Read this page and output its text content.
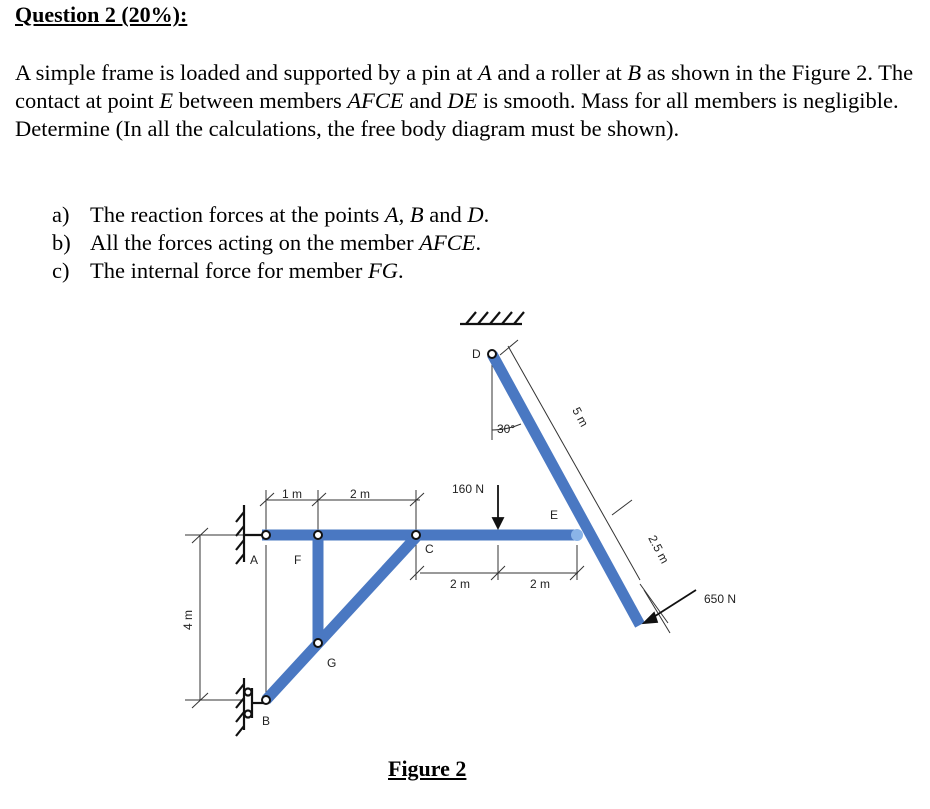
Question 2 (20%):
A simple frame is loaded and supported by a pin at A and a roller at B as shown in the Figure 2. The contact at point E between members AFCE and DE is smooth. Mass for all members is negligible. Determine (In all the calculations, the free body diagram must be shown).
a) The reaction forces at the points A, B and D.
b) All the forces acting on the member AFCE.
c) The internal force for member FG.
D
A	F
C
G
B
E
30°
160 N
650 N
1 m	2 m
2 m	2 m
5 m
2.5 m
4 m
Figure 2
